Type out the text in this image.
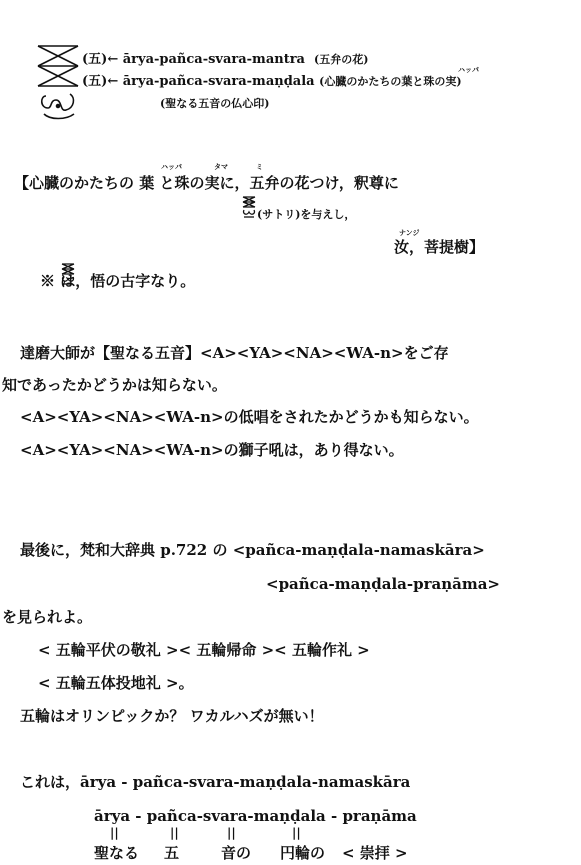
(五)← ārya-pañca-svara-mantra (五弁の花)
ハッパ
(五)← ārya-pañca-svara-maṇḍala (心臓のかたちの葉と珠の実)
(聖なる五音の仏心印)
ハッパ	タマ	ミ
【心臓のかたちの 葉 と珠の実に，五弁の花つけ，釈尊に
(サトリ)を与えし，
ナンジ
汝，菩提樹】
※ は，悟の古字なり。
達磨大師が【聖なる五音】<A><YA><NA><WA-n>をご存
知であったかどうかは知らない。
<A><YA><NA><WA-n>の低唱をされたかどうかも知らない。
<A><YA><NA><WA-n>の獅子吼は，あり得ない。
最後に，梵和大辞典 p.722 の <pañca-maṇḍala-namaskāra>
<pañca-maṇḍala-praṇāma>
を見られよ。
< 五輪平伏の敬礼 >< 五輪帰命 >< 五輪作礼 >
< 五輪五体投地礼 >。
五輪はオリンピックか？ ワカルハズが無い！
これは，ārya - pañca-svara-maṇḍala-namaskāra
ārya - pañca-svara-maṇḍala - praṇāma
||	||	||	||
聖なる 五	音の 円輪の < 崇拝 >
